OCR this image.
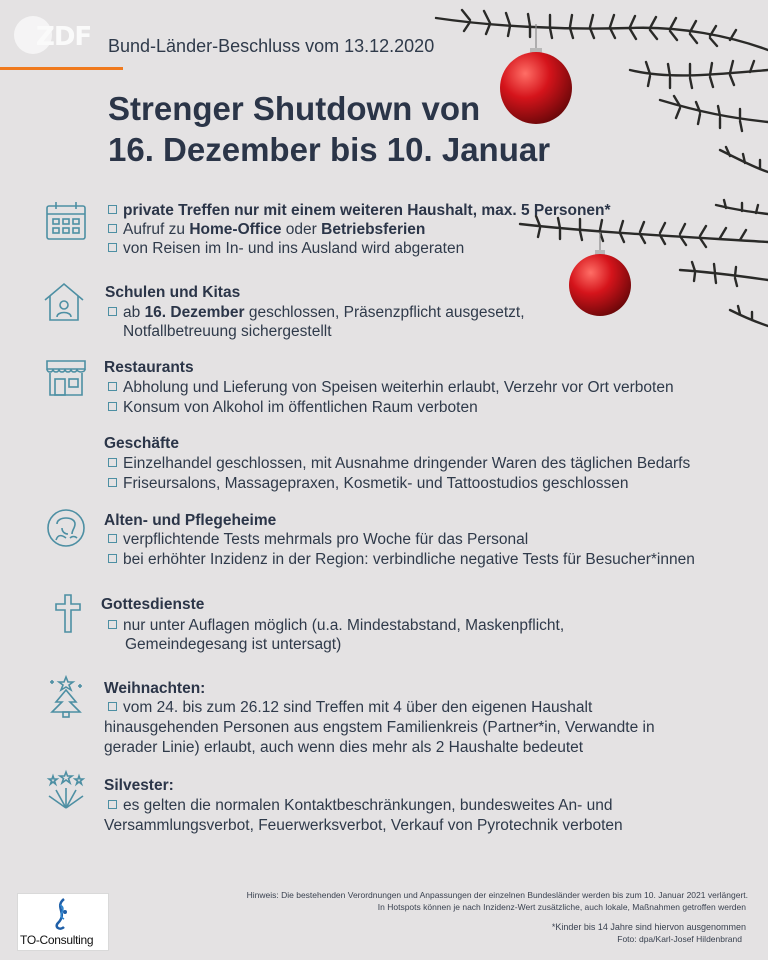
ZDF Bund-Länder-Beschluss vom 13.12.2020
Strenger Shutdown von
16. Dezember bis 10. Januar
private Treffen nur mit einem weiteren Haushalt, max. 5 Personen*
Aufruf zu Home-Office oder Betriebsferien
von Reisen im In- und ins Ausland wird abgeraten
Schulen und Kitas
ab 16. Dezember geschlossen, Präsenzpflicht ausgesetzt,
Notfallbetreuung sichergestellt
Restaurants
Abholung und Lieferung von Speisen weiterhin erlaubt, Verzehr vor Ort verboten
Konsum von Alkohol im öffentlichen Raum verboten
Geschäfte
Einzelhandel geschlossen, mit Ausnahme dringender Waren des täglichen Bedarfs
Friseursalons, Massagepraxen, Kosmetik- und Tattoostudios geschlossen
Alten- und Pflegeheime
verpflichtende Tests mehrmals pro Woche für das Personal
bei erhöhter Inzidenz in der Region: verbindliche negative Tests für Besucher*innen
Gottesdienste
nur unter Auflagen möglich (u.a. Mindestabstand, Maskenpflicht,
Gemeindegesang ist untersagt)
Weihnachten:
vom 24. bis zum 26.12 sind Treffen mit 4 über den eigenen Haushalt
hinausgehenden Personen aus engstem Familienkreis (Partner*in, Verwandte in
gerader Linie) erlaubt, auch wenn dies mehr als 2 Haushalte bedeutet
Silvester:
es gelten die normalen Kontaktbeschränkungen, bundesweites An- und
Versammlungsverbot, Feuerwerksverbot, Verkauf von Pyrotechnik verboten
Hinweis: Die bestehenden Verordnungen und Anpassungen der einzelnen Bundesländer werden bis zum 10. Januar 2021 verlängert.
In Hotspots können je nach Inzidenz-Wert zusätzliche, auch lokale, Maßnahmen getroffen werden
*Kinder bis 14 Jahre sind hiervon ausgenommen
Foto: dpa/Karl-Josef Hildenbrand
TO-Consulting
